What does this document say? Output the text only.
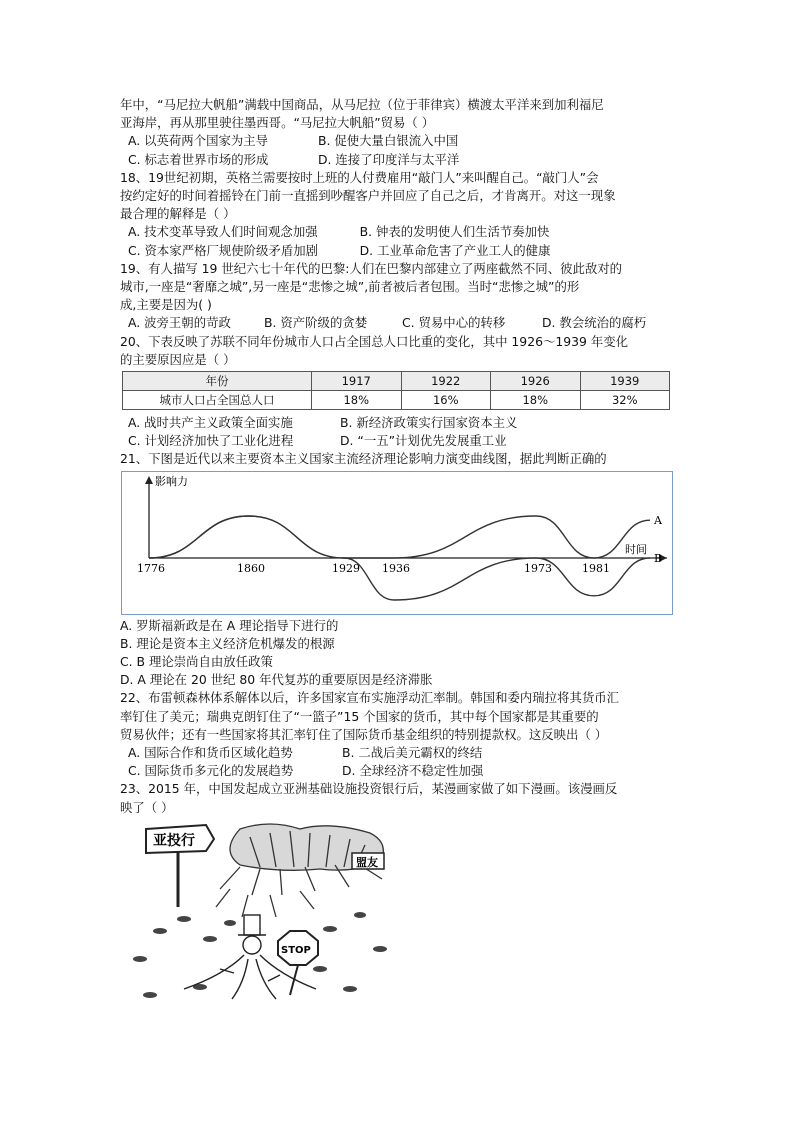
年中，“马尼拉大帆船”满载中国商品，从马尼拉（位于菲律宾）横渡太平洋来到加利福尼
亚海岸，再从那里驶往墨西哥。“马尼拉大帆船”贸易（ ）
A. 以英荷两个国家为主导	B. 促使大量白银流入中国
C. 标志着世界市场的形成	D. 连接了印度洋与太平洋
18、19世纪初期，英格兰需要按时上班的人付费雇用“敲门人”来叫醒自己。“敲门人”会
按约定好的时间着摇铃在门前一直摇到吵醒客户并回应了自己之后，才肯离开。对这一现象
最合理的解释是（ ）
A. 技术变革导致人们时间观念加强	B. 钟表的发明使人们生活节奏加快
C. 资本家严格厂规使阶级矛盾加剧	D. 工业革命危害了产业工人的健康
19、有人描写 19 世纪六七十年代的巴黎:人们在巴黎内部建立了两座截然不同、彼此敌对的
城市,一座是“奢靡之城”,另一座是“悲惨之城”,前者被后者包围。当时“悲惨之城”的形
成,主要是因为( )
A. 波旁王朝的苛政	B. 资产阶级的贪婪	C. 贸易中心的转移	D. 教会统治的腐朽
20、下表反映了苏联不同年份城市人口占全国总人口比重的变化，其中 1926～1939 年变化
的主要原因应是（ ）
年份	1917	1922	1926	1939
城市人口占全国总人口	18%	16%	18%	32%
A. 战时共产主义政策全面实施	B. 新经济政策实行国家资本主义
C. 计划经济加快了工业化进程	D. “一五”计划优先发展重工业
21、下图是近代以来主要资本主义国家主流经济理论影响力演变曲线图，据此判断正确的
影响力
时间
1776	1860	1929 1936	1973	1981
A
B
A. 罗斯福新政是在 A 理论指导下进行的
B. 理论是资本主义经济危机爆发的根源
C. B 理论崇尚自由放任政策
D. A 理论在 20 世纪 80 年代复苏的重要原因是经济滞胀
22、布雷顿森林体系解体以后，许多国家宣布实施浮动汇率制。韩国和委内瑞拉将其货币汇
率钉住了美元；瑞典克朗钉住了“一篮子”15 个国家的货币，其中每个国家都是其重要的
贸易伙伴；还有一些国家将其汇率钉住了国际货币基金组织的特别提款权。这反映出（ ）
A. 国际合作和货币区域化趋势	B. 二战后美元霸权的终结
C. 国际货币多元化的发展趋势	D. 全球经济不稳定性加强
23、2015 年，中国发起成立亚洲基础设施投资银行后，某漫画家做了如下漫画。该漫画反
映了（ ）
亚投行
盟友
STOP
